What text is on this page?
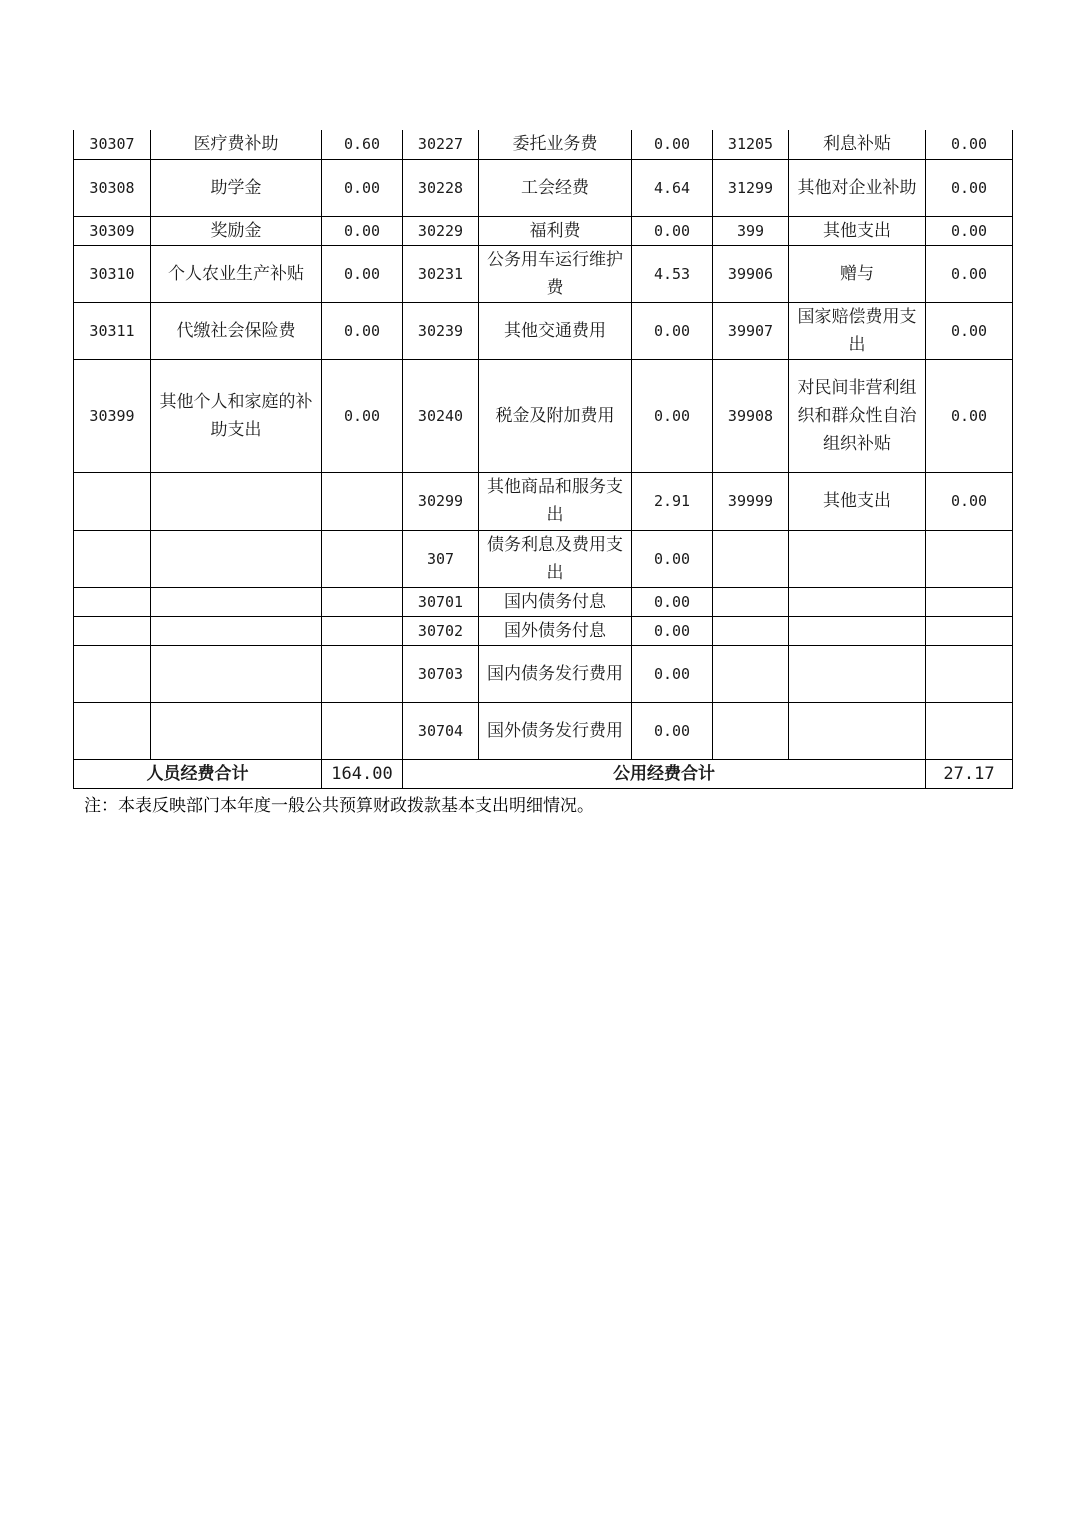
30307	医疗费补助	0.60	30227	委托业务费	0.00	31205	利息补贴	0.00
30308	助学金	0.00	30228	工会经费	4.64	31299	其他对企业补助	0.00
30309	奖励金	0.00	30229	福利费	0.00	399	其他支出	0.00
30310	个人农业生产补贴	0.00	30231	公务用车运行维护费	4.53	39906	赠与	0.00
30311	代缴社会保险费	0.00	30239	其他交通费用	0.00	39907	国家赔偿费用支出	0.00
30399	其他个人和家庭的补助支出	0.00	30240	税金及附加费用	0.00	39908	对民间非营利组织和群众性自治组织补贴	0.00
			30299	其他商品和服务支出	2.91	39999	其他支出	0.00
			307	债务利息及费用支出	0.00			
			30701	国内债务付息	0.00			
			30702	国外债务付息	0.00			
			30703	国内债务发行费用	0.00			
			30704	国外债务发行费用	0.00			
人员经费合计		164.00	公用经费合计					27.17
注：本表反映部门本年度一般公共预算财政拨款基本支出明细情况。
